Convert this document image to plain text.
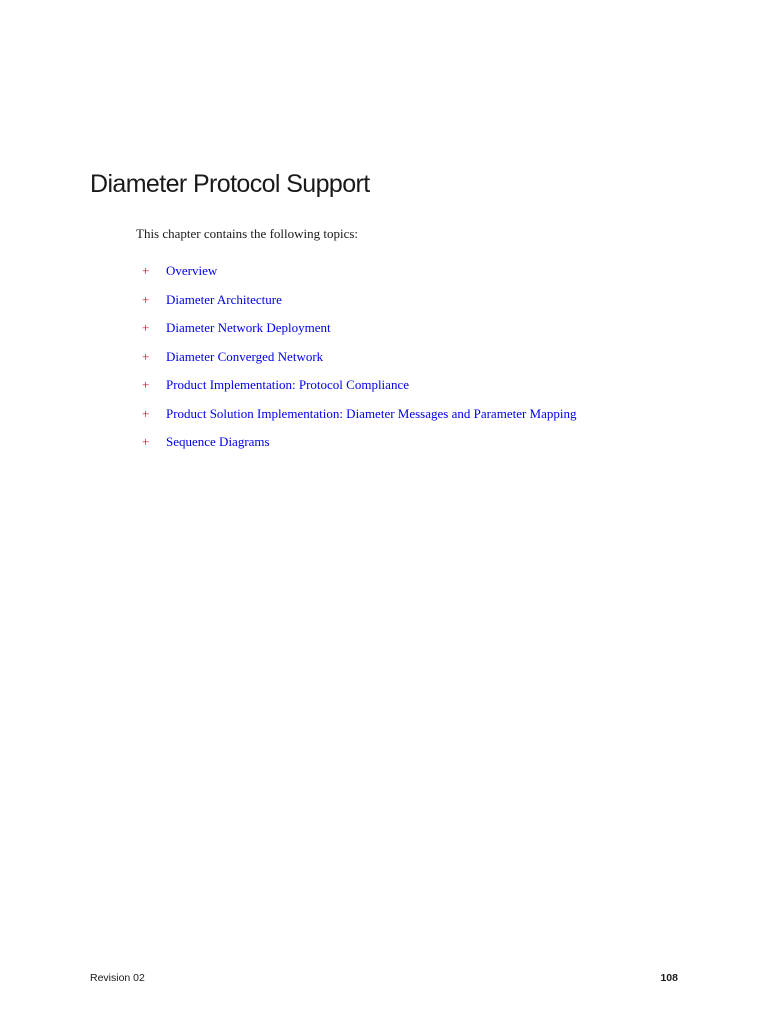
Diameter Protocol Support

This chapter contains the following topics:

+	Overview
+	Diameter Architecture
+	Diameter Network Deployment
+	Diameter Converged Network
+	Product Implementation: Protocol Compliance
+	Product Solution Implementation: Diameter Messages and Parameter Mapping
+	Sequence Diagrams
Revision 02	108
